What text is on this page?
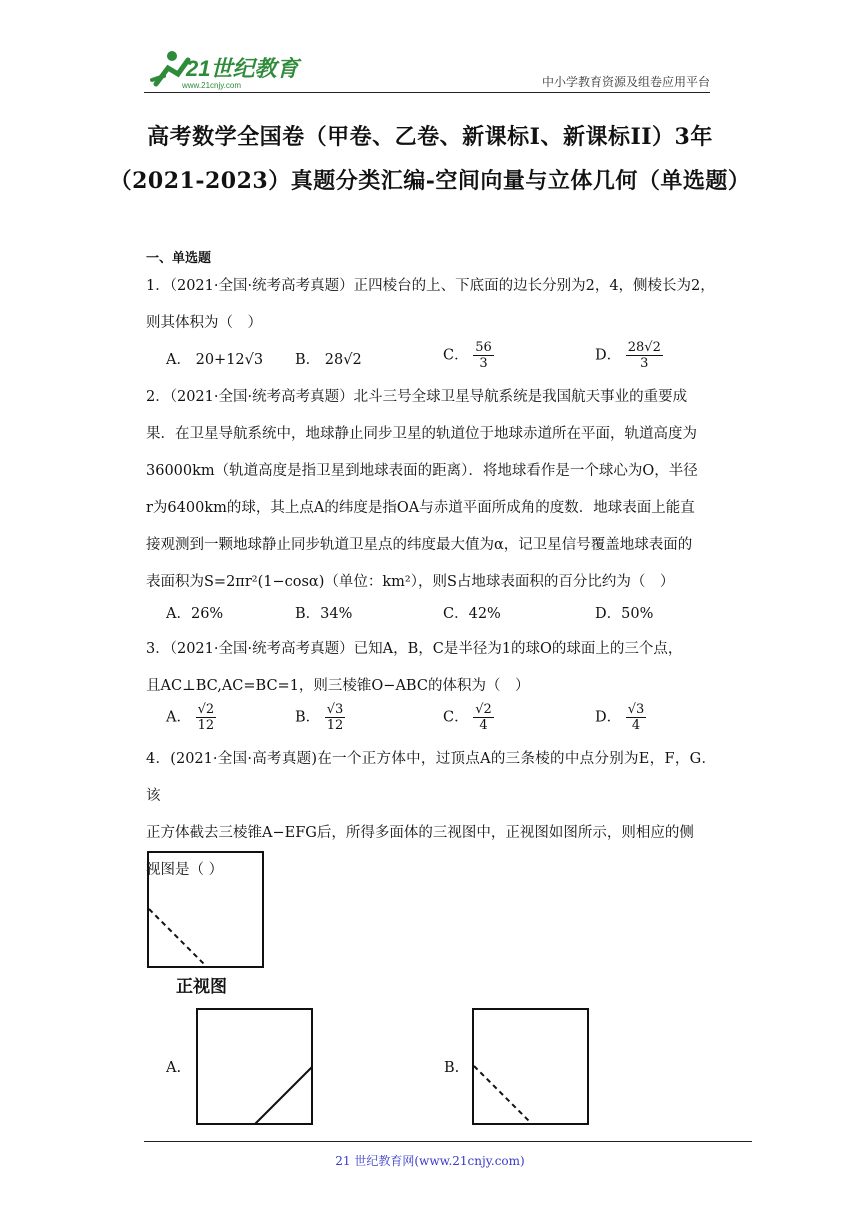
21世纪教育
www.21cnjy.com	中小学教育资源及组卷应用平台
高考数学全国卷（甲卷、乙卷、新课标I、新课标II）3年
（2021-2023）真题分类汇编-空间向量与立体几何（单选题）
一、单选题
1．（2021·全国·统考高考真题）正四棱台的上、下底面的边长分别为2，4，侧棱长为2，
则其体积为（　）
A． 20+12√3 B． 28√2	C． $\frac{56}{3}$	D． $\frac{28√2}{3}$
2．（2021·全国·统考高考真题）北斗三号全球卫星导航系统是我国航天事业的重要成
果．在卫星导航系统中，地球静止同步卫星的轨道位于地球赤道所在平面，轨道高度为
36000km（轨道高度是指卫星到地球表面的距离）．将地球看作是一个球心为O，半径
r为6400km的球，其上点A的纬度是指OA与赤道平面所成角的度数．地球表面上能直
接观测到一颗地球静止同步轨道卫星点的纬度最大值为α，记卫星信号覆盖地球表面的
表面积为S=2πr²(1−cosα)（单位：km²），则S占地球表面积的百分比约为（　）
A．26%	B．34%	C．42%	D．50%
3．（2021·全国·统考高考真题）已知A，B，C是半径为1的球O的球面上的三个点，
且AC⊥BC,AC=BC=1，则三棱锥O−ABC的体积为（　）
A． $\frac{√2}{12}$	B． $\frac{√3}{12}$	C． $\frac{√2}{4}$	D． $\frac{√3}{4}$
4．(2021·全国·高考真题)在一个正方体中，过顶点A的三条棱的中点分别为E，F，G．该
正方体截去三棱锥A−EFG后，所得多面体的三视图中，正视图如图所示，则相应的侧
视图是（ ）
正视图
A.	B.
21 世纪教育网(www.21cnjy.com)
